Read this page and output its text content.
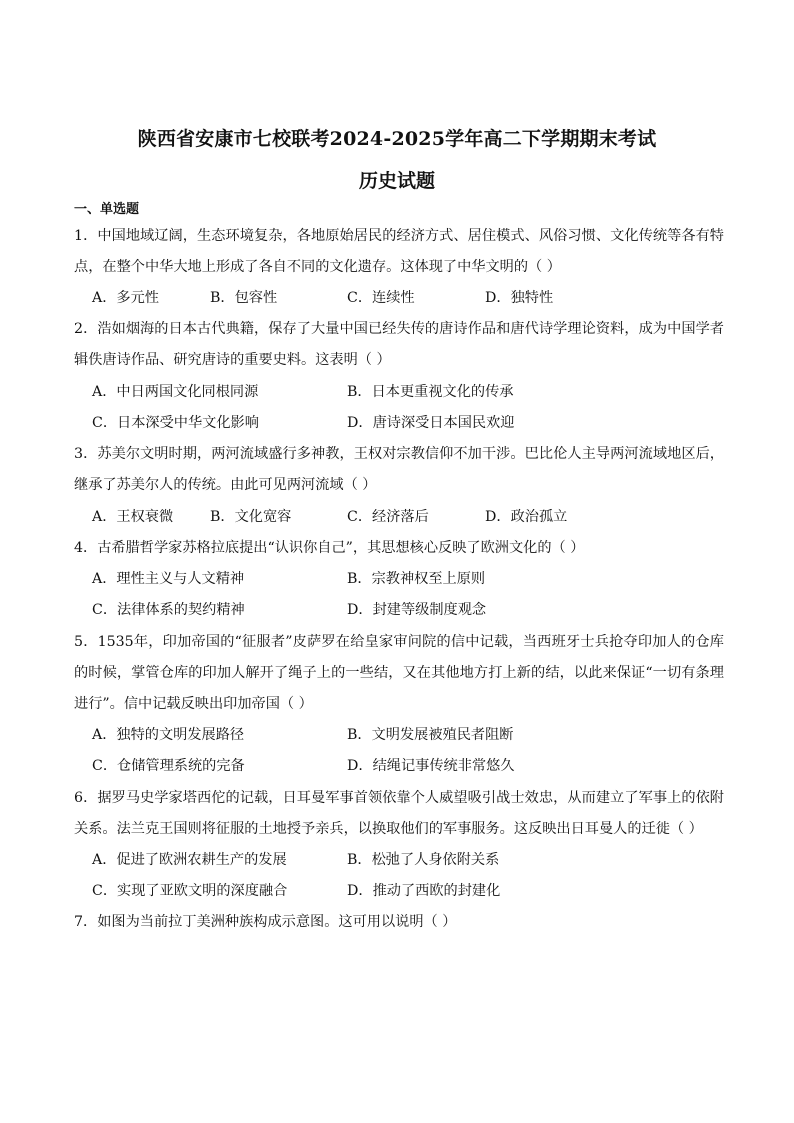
陕西省安康市七校联考2024-2025学年高二下学期期末考试
历史试题
一、单选题
1．中国地域辽阔，生态环境复杂，各地原始居民的经济方式、居住模式、风俗习惯、文化传统等各有特点，在整个中华大地上形成了各自不同的文化遗存。这体现了中华文明的（ ）
A．多元性	B．包容性	C．连续性	D．独特性
2．浩如烟海的日本古代典籍，保存了大量中国已经失传的唐诗作品和唐代诗学理论资料，成为中国学者辑佚唐诗作品、研究唐诗的重要史料。这表明（ ）
A．中日两国文化同根同源	B．日本更重视文化的传承
C．日本深受中华文化影响	D．唐诗深受日本国民欢迎
3．苏美尔文明时期，两河流域盛行多神教，王权对宗教信仰不加干涉。巴比伦人主导两河流域地区后，继承了苏美尔人的传统。由此可见两河流域（ ）
A．王权衰微	B．文化宽容	C．经济落后	D．政治孤立
4．古希腊哲学家苏格拉底提出“认识你自己”，其思想核心反映了欧洲文化的（ ）
A．理性主义与人文精神	B．宗教神权至上原则
C．法律体系的契约精神	D．封建等级制度观念
5．1535年，印加帝国的“征服者”皮萨罗在给皇家审问院的信中记载，当西班牙士兵抢夺印加人的仓库的时候，掌管仓库的印加人解开了绳子上的一些结，又在其他地方打上新的结，以此来保证“一切有条理进行”。信中记载反映出印加帝国（ ）
A．独特的文明发展路径	B．文明发展被殖民者阻断
C．仓储管理系统的完备	D．结绳记事传统非常悠久
6．据罗马史学家塔西佗的记载，日耳曼军事首领依靠个人威望吸引战士效忠，从而建立了军事上的依附关系。法兰克王国则将征服的土地授予亲兵，以换取他们的军事服务。这反映出日耳曼人的迁徙（ ）
A．促进了欧洲农耕生产的发展	B．松弛了人身依附关系
C．实现了亚欧文明的深度融合	D．推动了西欧的封建化
7．如图为当前拉丁美洲种族构成示意图。这可用以说明（ ）
